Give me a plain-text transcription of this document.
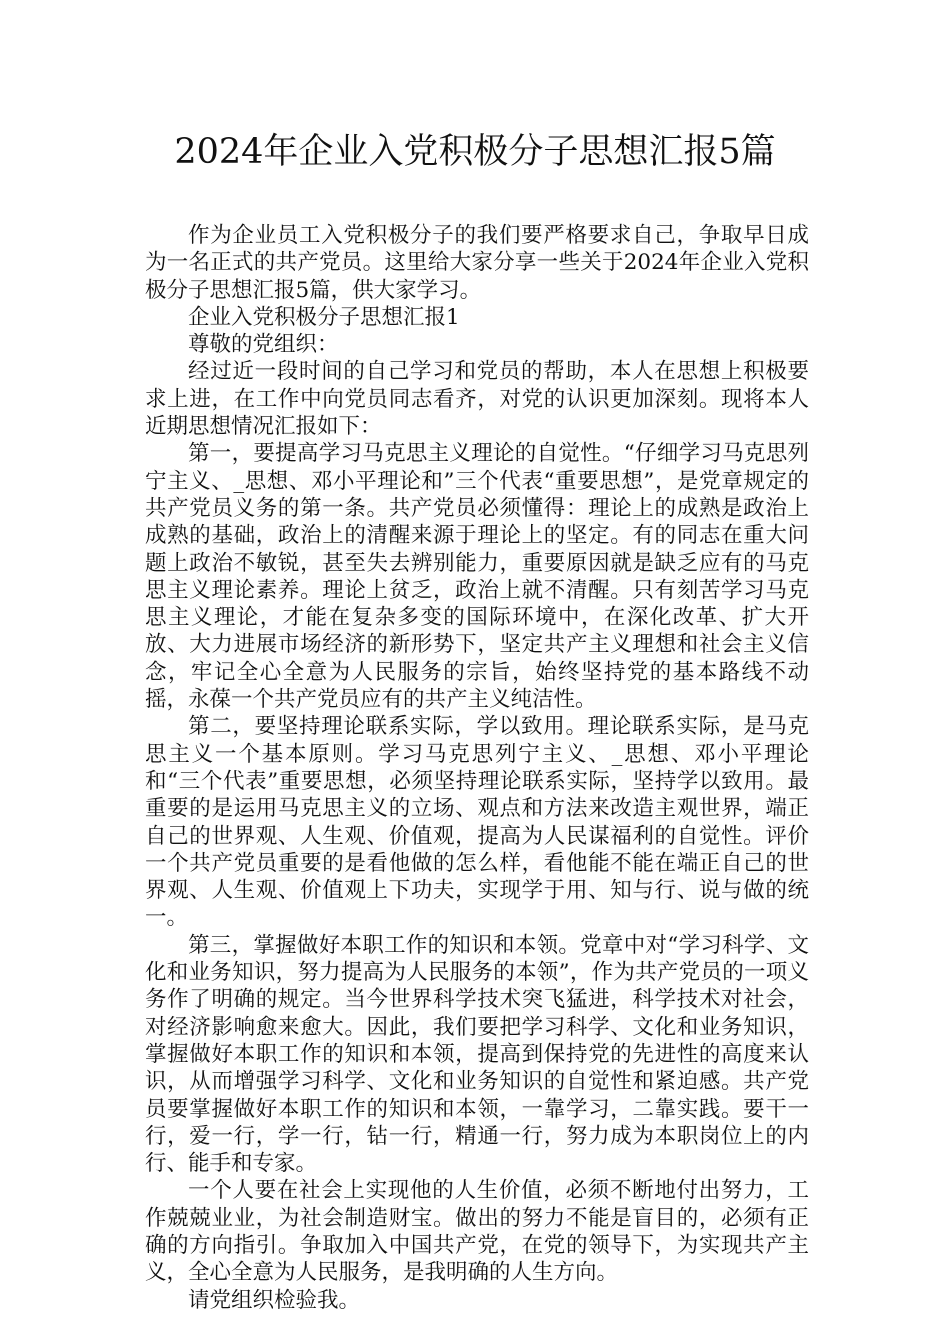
2024年企业入党积极分子思想汇报5篇

作为企业员工入党积极分子的我们要严格要求自己，争取早日成为一名正式的共产党员。这里给大家分享一些关于2024年企业入党积极分子思想汇报5篇，供大家学习。

企业入党积极分子思想汇报1

尊敬的党组织：

经过近一段时间的自己学习和党员的帮助，本人在思想上积极要求上进，在工作中向党员同志看齐，对党的认识更加深刻。现将本人近期思想情况汇报如下：

第一，要提高学习马克思主义理论的自觉性。“仔细学习马克思列宁主义、_思想、邓小平理论和”三个代表“重要思想”，是党章规定的共产党员义务的第一条。共产党员必须懂得：理论上的成熟是政治上成熟的基础，政治上的清醒来源于理论上的坚定。有的同志在重大问题上政治不敏锐，甚至失去辨别能力，重要原因就是缺乏应有的马克思主义理论素养。理论上贫乏，政治上就不清醒。只有刻苦学习马克思主义理论，才能在复杂多变的国际环境中，在深化改革、扩大开放、大力进展市场经济的新形势下，坚定共产主义理想和社会主义信念，牢记全心全意为人民服务的宗旨，始终坚持党的基本路线不动摇，永葆一个共产党员应有的共产主义纯洁性。

第二，要坚持理论联系实际，学以致用。理论联系实际，是马克思主义一个基本原则。学习马克思列宁主义、_思想、邓小平理论和“三个代表”重要思想，必须坚持理论联系实际，坚持学以致用。最重要的是运用马克思主义的立场、观点和方法来改造主观世界，端正自己的世界观、人生观、价值观，提高为人民谋福利的自觉性。评价一个共产党员重要的是看他做的怎么样，看他能不能在端正自己的世界观、人生观、价值观上下功夫，实现学于用、知与行、说与做的统一。

第三，掌握做好本职工作的知识和本领。党章中对“学习科学、文化和业务知识，努力提高为人民服务的本领”，作为共产党员的一项义务作了明确的规定。当今世界科学技术突飞猛进，科学技术对社会，对经济影响愈来愈大。因此，我们要把学习科学、文化和业务知识，掌握做好本职工作的知识和本领，提高到保持党的先进性的高度来认识，从而增强学习科学、文化和业务知识的自觉性和紧迫感。共产党员要掌握做好本职工作的知识和本领，一靠学习，二靠实践。要干一行，爱一行，学一行，钻一行，精通一行，努力成为本职岗位上的内行、能手和专家。

一个人要在社会上实现他的人生价值，必须不断地付出努力，工作兢兢业业，为社会制造财宝。做出的努力不能是盲目的，必须有正确的方向指引。争取加入中国共产党，在党的领导下，为实现共产主义，全心全意为人民服务，是我明确的人生方向。

请党组织检验我。
